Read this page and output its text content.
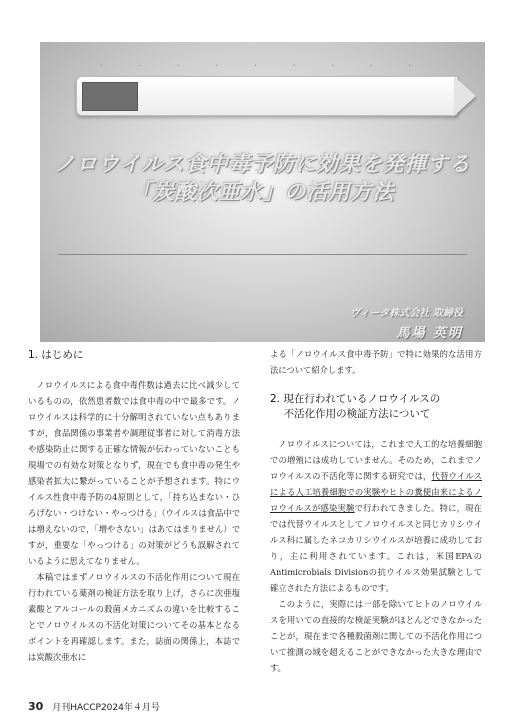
・ ・ ・ ・ ・ ・ ・ ・ ・
ノロウイルス食中毒予防に効果を発揮する
「炭酸次亜水」の活用方法
ヴィータ株式会社 取締役
馬場 英明
1. はじめに

ノロウイルスによる食中毒件数は過去に比べ減少しているものの，依然患者数では食中毒の中で最多です。ノロウイルスは科学的に十分解明されていない点もありますが，食品関係の事業者や調理従事者に対して消毒方法や感染防止に関する正確な情報が伝わっていないことも現場での有効な対策となりず，現在でも食中毒の発生や感染者拡大に繋がっていることが予想されます。特にウイルス性食中毒予防の4原則として，「持ち込まない・ひろげない・つけない・やっつける」（ウイルスは食品中では増えないので，「増やさない」はあてはまりません）ですが，重要な「やっつける」の対策がどうも誤解されているように思えてなりません。

本稿ではまずノロウイルスの不活化作用について現在行われている薬剤の検証方法を取り上げ，さらに次亜塩素酸とアルコールの殺菌メカニズムの違いを比較することでノロウイルスの不活化対策についてその基本となるポイントを再確認します。また，誌面の関係上，本誌では炭酸次亜水に

よる「ノロウイルス食中毒予防」で特に効果的な活用方法について紹介します。

2. 現在行われているノロウイルスの
不活化作用の検証方法について

ノロウイルスについては，これまで人工的な培養細胞での増殖には成功していません。そのため，これまでノロウイルスの不活化等に関する研究では，代替ウイルスによる人工培養細胞での実験やヒトの糞便由来によるノロウイルスが感染実験で行われてきました。特に，現在では代替ウイルスとしてノロウイルスと同じカリシウイルス科に属したネコカリシウイルスが培養に成功しており，主に利用されています。これは，米国EPAのAntimicrobials Divisionの抗ウイルス効果試験として確立された方法によるものです。

このように，実際には一部を除いてヒトのノロウイルスを用いての直接的な検証実験がほとんどできなかったことが，現在まで各種殺菌剤に関しての不活化作用について推測の域を超えることができなかった大きな理由です。

30 月刊HACCP2024年４月号
